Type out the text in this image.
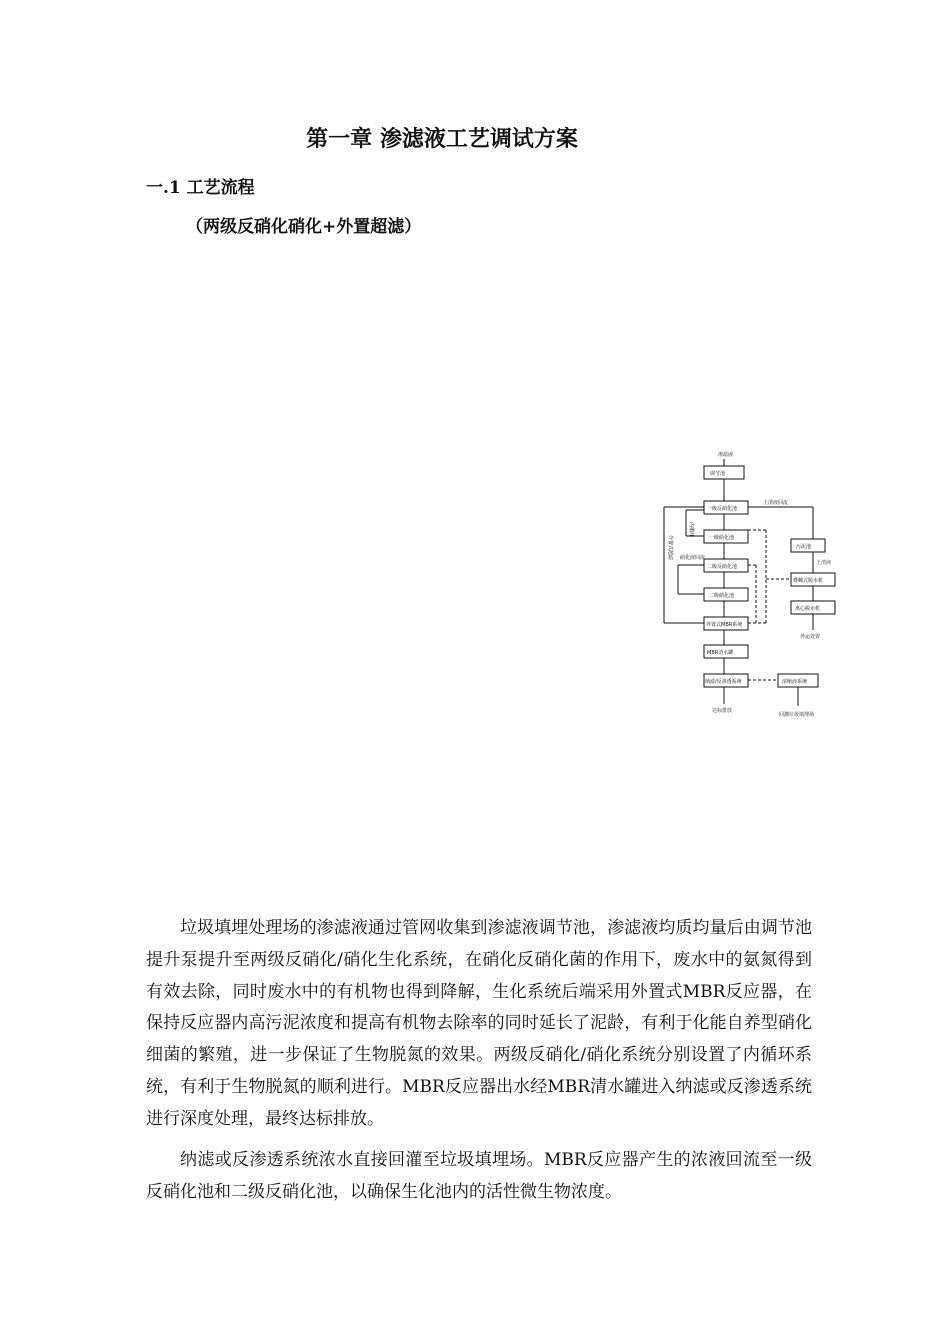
第一章 渗滤液工艺调试方案
一.1 工艺流程
（两级反硝化硝化+外置超滤）
渗滤液
调节池
一级反硝化池
一级硝化池
二级反硝化池
二级硝化池
外置式MBR系统
MBR清水罐
纳滤/反渗透系统
达标排放
浓缩液系统
回灌垃圾填埋场
污泥池
叠螺式脱水机
上清液
离心脱水机
外运处置
上清液回流
外置式超滤
内循环
硝化液回流

垃圾填埋处理场的渗滤液通过管网收集到渗滤液调节池，渗滤液均质均量后由调节池提升泵提升至两级反硝化/硝化生化系统，在硝化反硝化菌的作用下，废水中的氨氮得到有效去除，同时废水中的有机物也得到降解，生化系统后端采用外置式MBR反应器，在保持反应器内高污泥浓度和提高有机物去除率的同时延长了泥龄，有利于化能自养型硝化细菌的繁殖，进一步保证了生物脱氮的效果。两级反硝化/硝化系统分别设置了内循环系统，有利于生物脱氮的顺利进行。MBR反应器出水经MBR清水罐进入纳滤或反渗透系统进行深度处理，最终达标排放。

纳滤或反渗透系统浓水直接回灌至垃圾填埋场。MBR反应器产生的浓液回流至一级反硝化池和二级反硝化池，以确保生化池内的活性微生物浓度。
